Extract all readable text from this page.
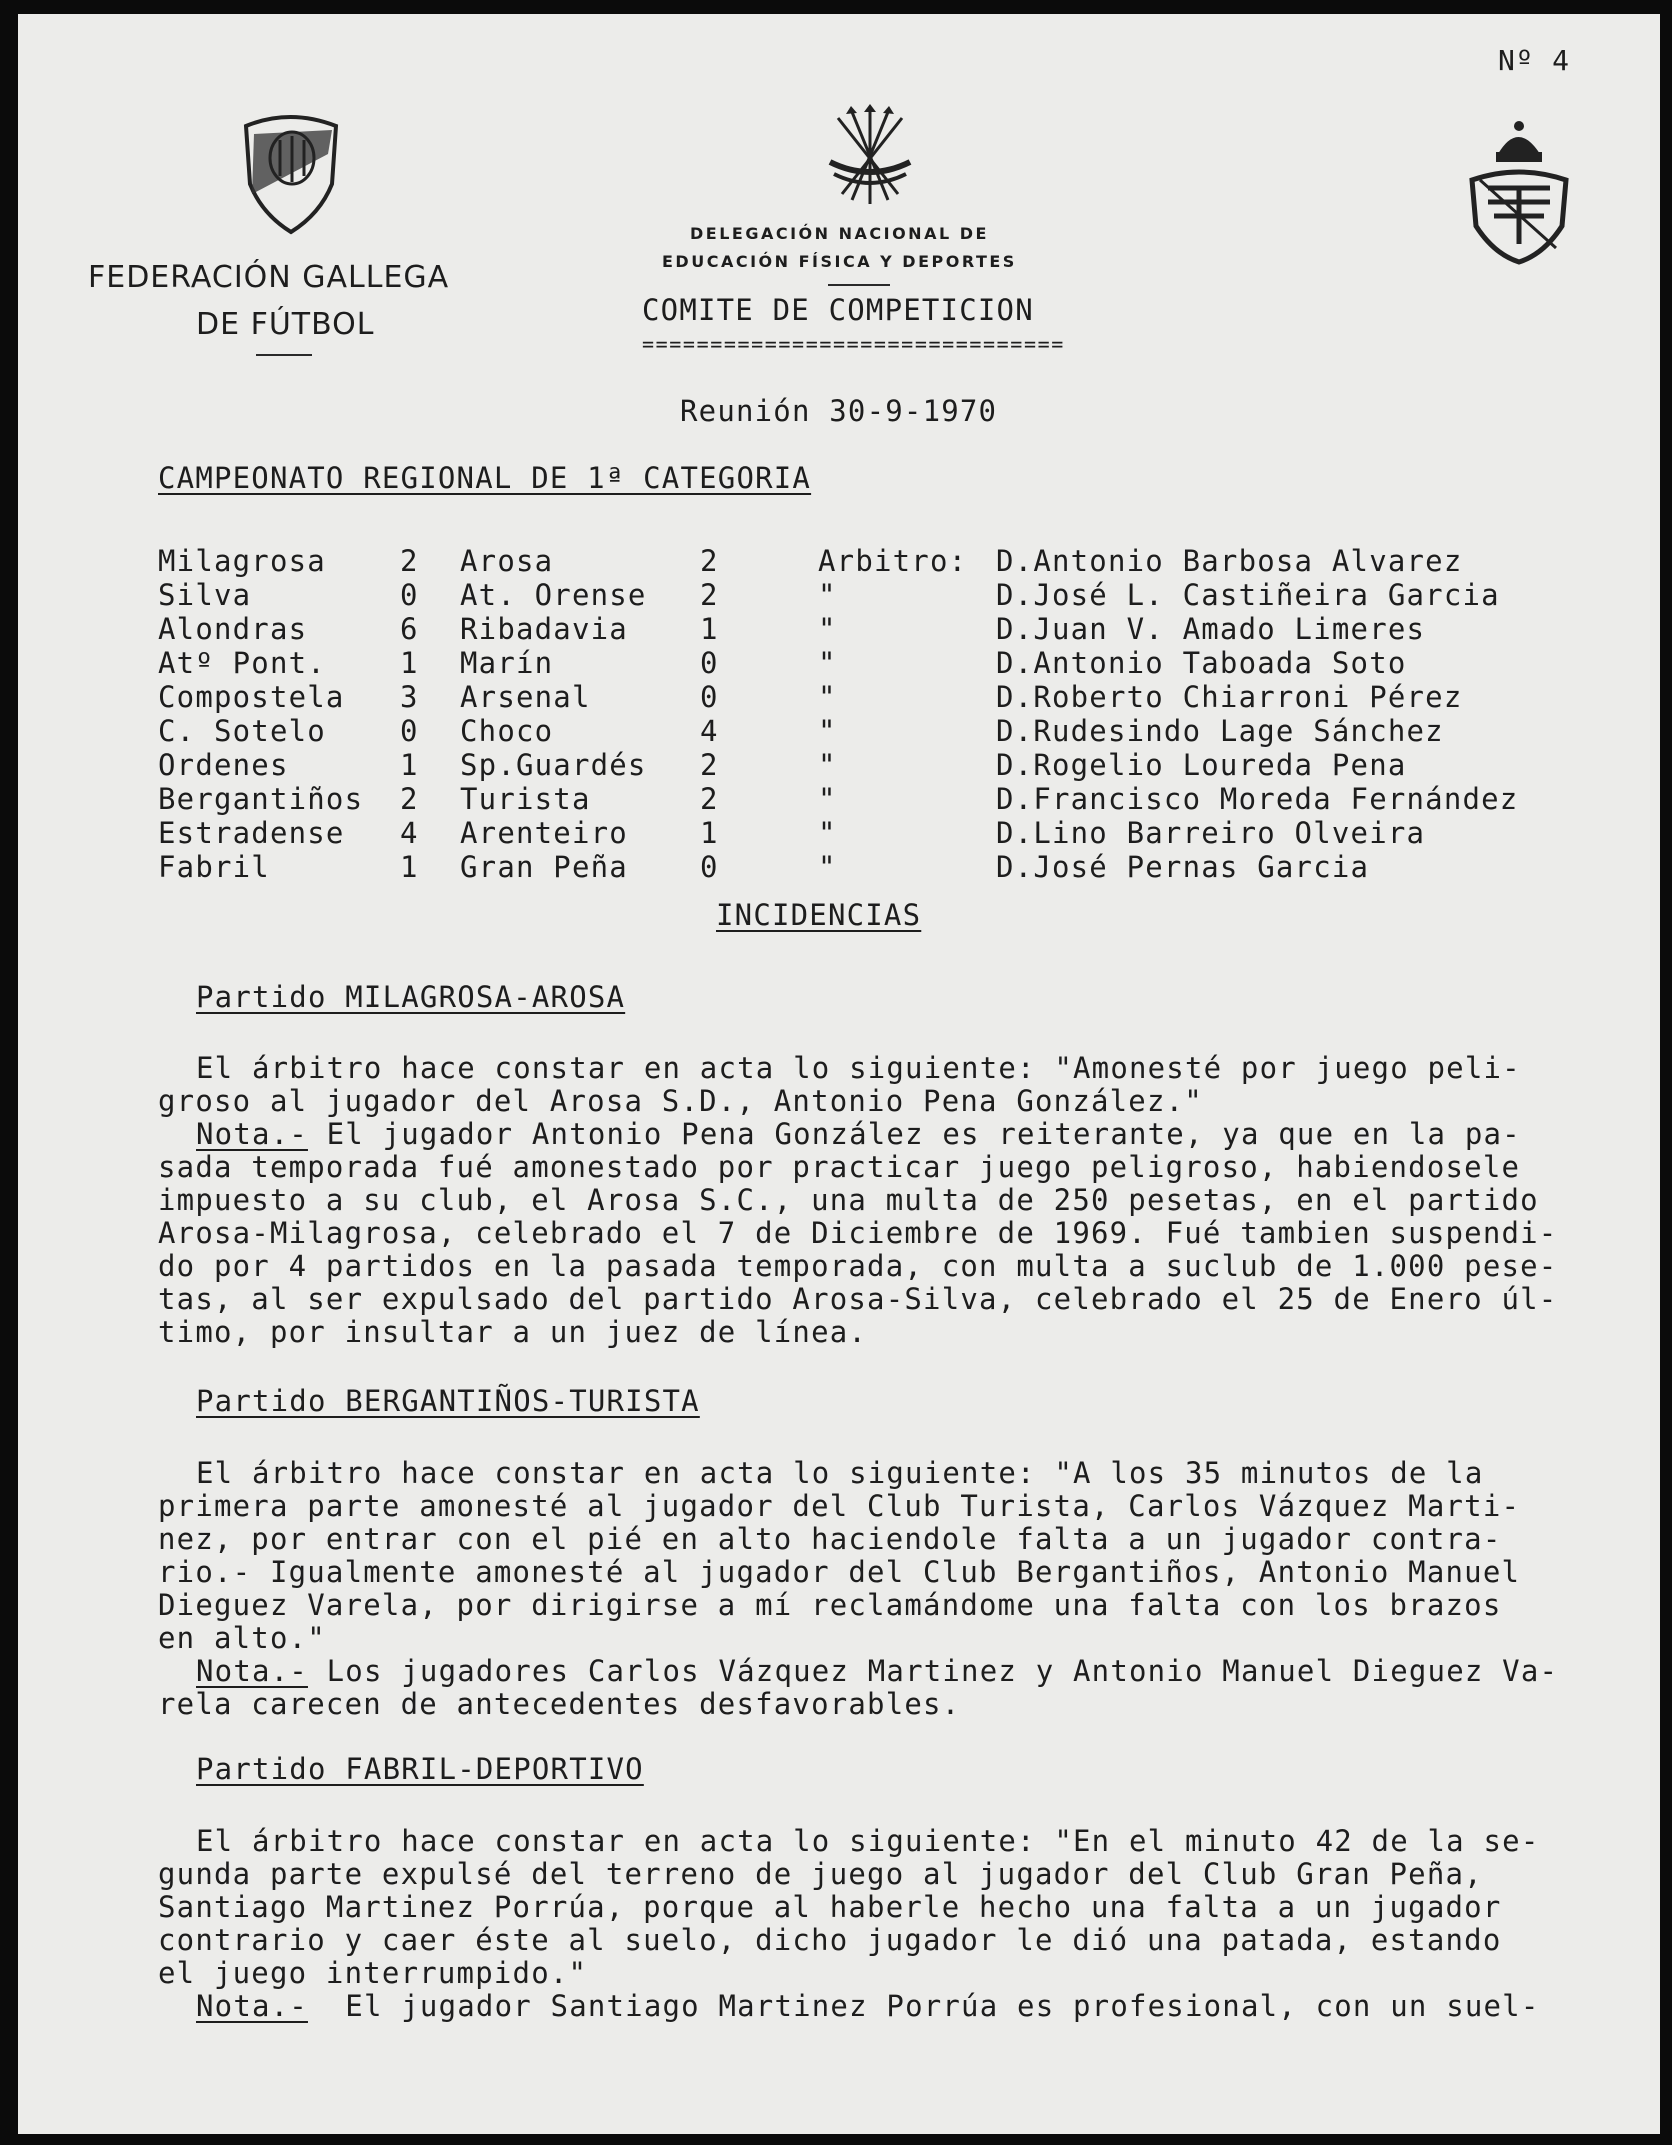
Nº 4
FEDERACIÓN GALLEGA
DE FÚTBOL
DELEGACIÓN NACIONAL DE
EDUCACIÓN FÍSICA Y DEPORTES
COMITE DE COMPETICION
===============================
Reunión 30-9-1970
CAMPEONATO REGIONAL DE 1ª CATEGORIA
Milagrosa	2 Arosa	2	Arbitro: D.Antonio Barbosa Alvarez
Silva	0 At. Orense 2	"	D.José L. Castiñeira Garcia
Alondras	6 Ribadavia 1	"	D.Juan V. Amado Limeres
Atº Pont.	1 Marín	0	"	D.Antonio Taboada Soto
Compostela 3 Arsenal	0	"	D.Roberto Chiarroni Pérez
C. Sotelo	0 Choco	4	"	D.Rudesindo Lage Sánchez
Ordenes	1 Sp.Guardés 2	"	D.Rogelio Loureda Pena
Bergantiños 2 Turista	2	"	D.Francisco Moreda Fernández
Estradense 4 Arenteiro 1	"	D.Lino Barreiro Olveira
Fabril	1 Gran Peña 0	"	D.José Pernas Garcia
INCIDENCIAS
Partido MILAGROSA-AROSA
El árbitro hace constar en acta lo siguiente: "Amonesté por juego peli-
groso al jugador del Arosa S.D., Antonio Pena González."
Nota.- El jugador Antonio Pena González es reiterante, ya que en la pa-
sada temporada fué amonestado por practicar juego peligroso, habiendosele
impuesto a su club, el Arosa S.C., una multa de 250 pesetas, en el partido
Arosa-Milagrosa, celebrado el 7 de Diciembre de 1969. Fué tambien suspendi-
do por 4 partidos en la pasada temporada, con multa a suclub de 1.000 pese-
tas, al ser expulsado del partido Arosa-Silva, celebrado el 25 de Enero úl-
timo, por insultar a un juez de línea.
Partido BERGANTIÑOS-TURISTA
El árbitro hace constar en acta lo siguiente: "A los 35 minutos de la
primera parte amonesté al jugador del Club Turista, Carlos Vázquez Marti-
nez, por entrar con el pié en alto haciendole falta a un jugador contra-
rio.- Igualmente amonesté al jugador del Club Bergantiños, Antonio Manuel
Dieguez Varela, por dirigirse a mí reclamándome una falta con los brazos
en alto."
Nota.- Los jugadores Carlos Vázquez Martinez y Antonio Manuel Dieguez Va-
rela carecen de antecedentes desfavorables.
Partido FABRIL-DEPORTIVO
El árbitro hace constar en acta lo siguiente: "En el minuto 42 de la se-
gunda parte expulsé del terreno de juego al jugador del Club Gran Peña,
Santiago Martinez Porrúa, porque al haberle hecho una falta a un jugador
contrario y caer éste al suelo, dicho jugador le dió una patada, estando
el juego interrumpido."
Nota.-  El jugador Santiago Martinez Porrúa es profesional, con un suel-
